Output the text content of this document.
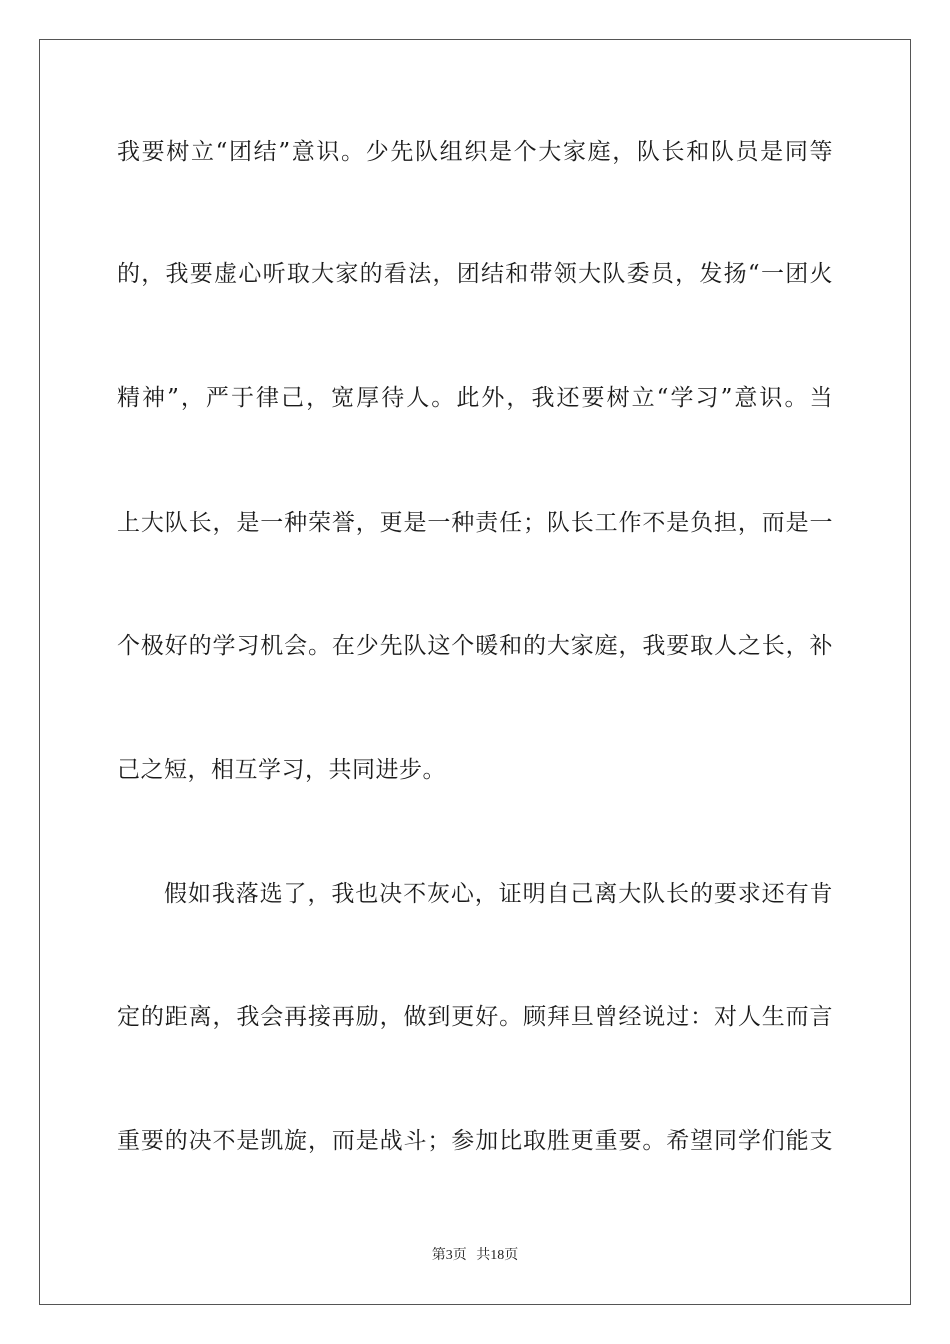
我要树立“团结”意识。少先队组织是个大家庭，队长和队员是同等
的，我要虚心听取大家的看法，团结和带领大队委员，发扬“一团火
精神”，严于律己，宽厚待人。此外，我还要树立“学习”意识。当
上大队长，是一种荣誉，更是一种责任；队长工作不是负担，而是一
个极好的学习机会。在少先队这个暖和的大家庭，我要取人之长，补
己之短，相互学习，共同进步。
假如我落选了，我也决不灰心，证明自己离大队长的要求还有肯
定的距离，我会再接再励，做到更好。顾拜旦曾经说过：对人生而言
重要的决不是凯旋，而是战斗；参加比取胜更重要。希望同学们能支
第3页 共18页
